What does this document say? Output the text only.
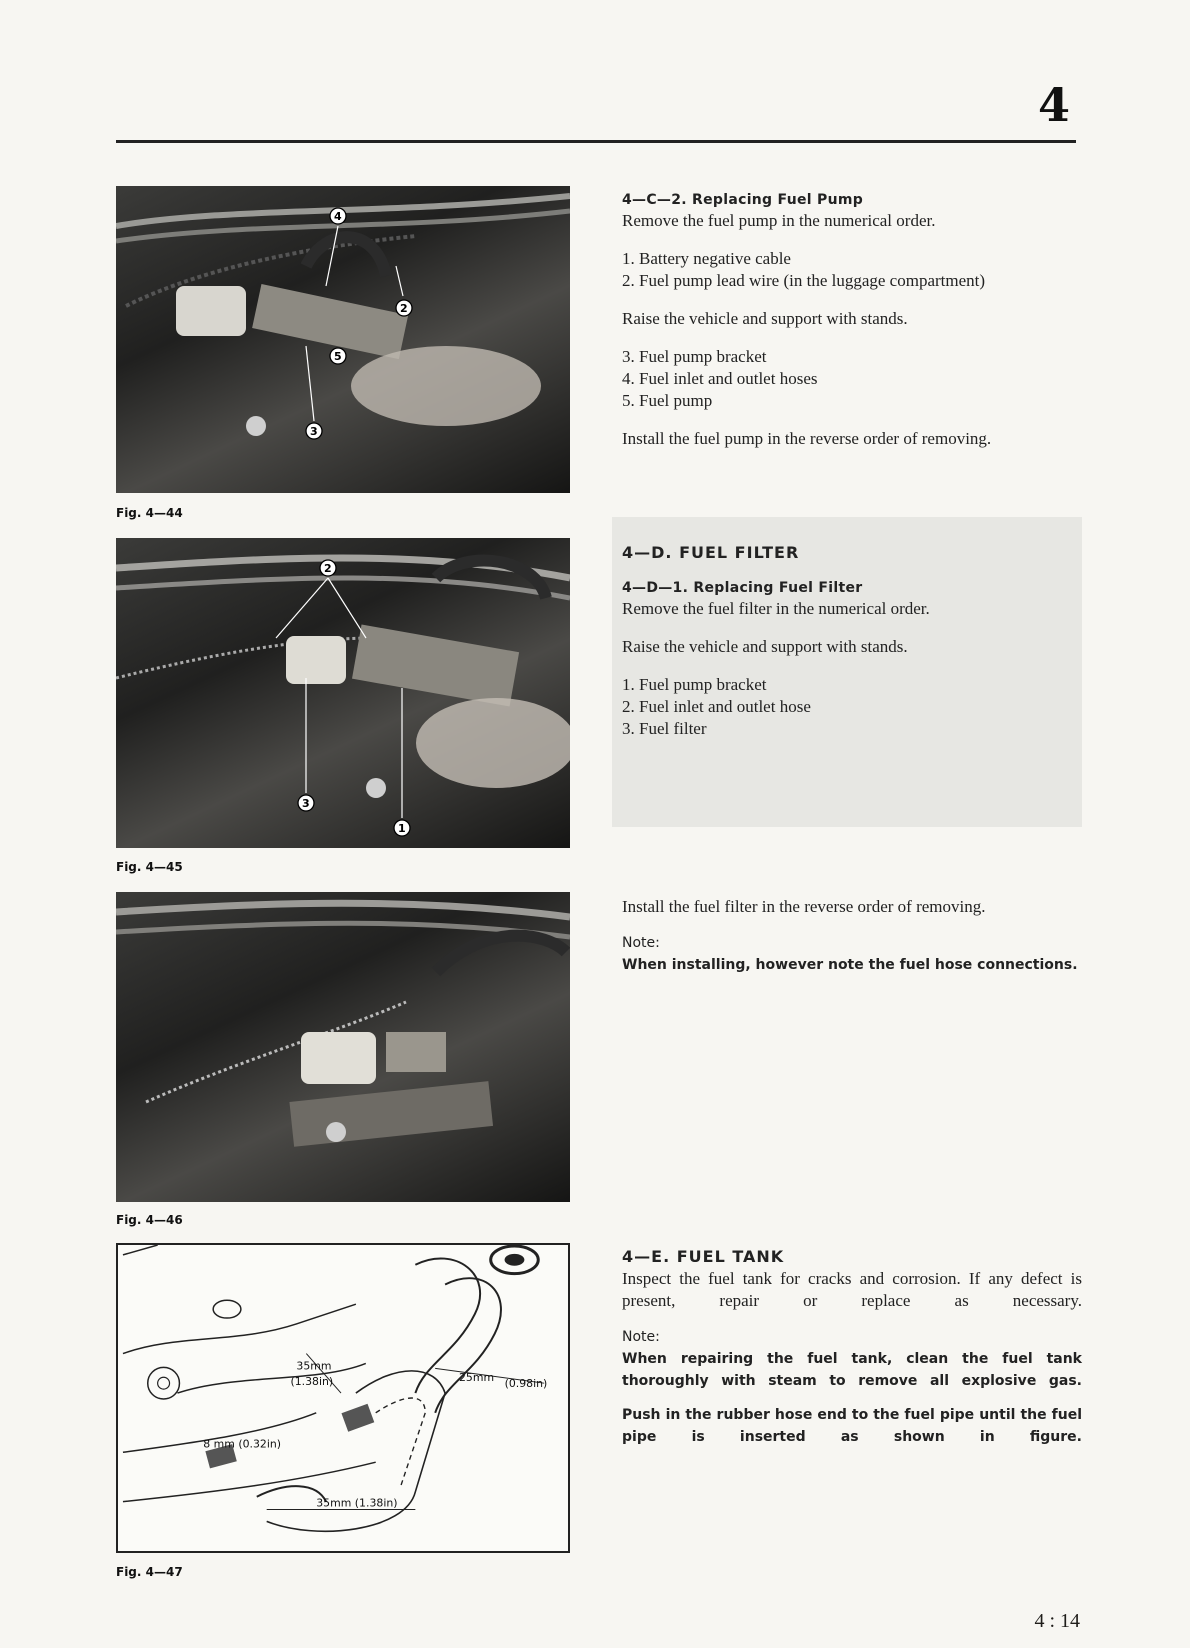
4
4
2
5
3
Fig. 4—44
2
3
1
Fig. 4—45
Fig. 4—46
35mm
(1.38in)	25mm (0.98in)
8 mm (0.32in)
35mm (1.38in)
Fig. 4—47
4—C—2. Replacing Fuel Pump
Remove the fuel pump in the numerical order.
1. Battery negative cable
2. Fuel pump lead wire (in the luggage compartment)
Raise the vehicle and support with stands.
3. Fuel pump bracket
4. Fuel inlet and outlet hoses
5. Fuel pump
Install the fuel pump in the reverse order of removing.
4—D. FUEL FILTER
4—D—1. Replacing Fuel Filter
Remove the fuel filter in the numerical order.
Raise the vehicle and support with stands.
1. Fuel pump bracket
2. Fuel inlet and outlet hose
3. Fuel filter
Install the fuel filter in the reverse order of removing.
Note:
When installing, however note the fuel hose connections.
4—E. FUEL TANK
Inspect the fuel tank for cracks and corrosion. If any defect is present, repair or replace as necessary.
Note:
When repairing the fuel tank, clean the fuel tank thoroughly with steam to remove all explosive gas.
Push in the rubber hose end to the fuel pipe until the fuel pipe is inserted as shown in figure.
4 : 14
